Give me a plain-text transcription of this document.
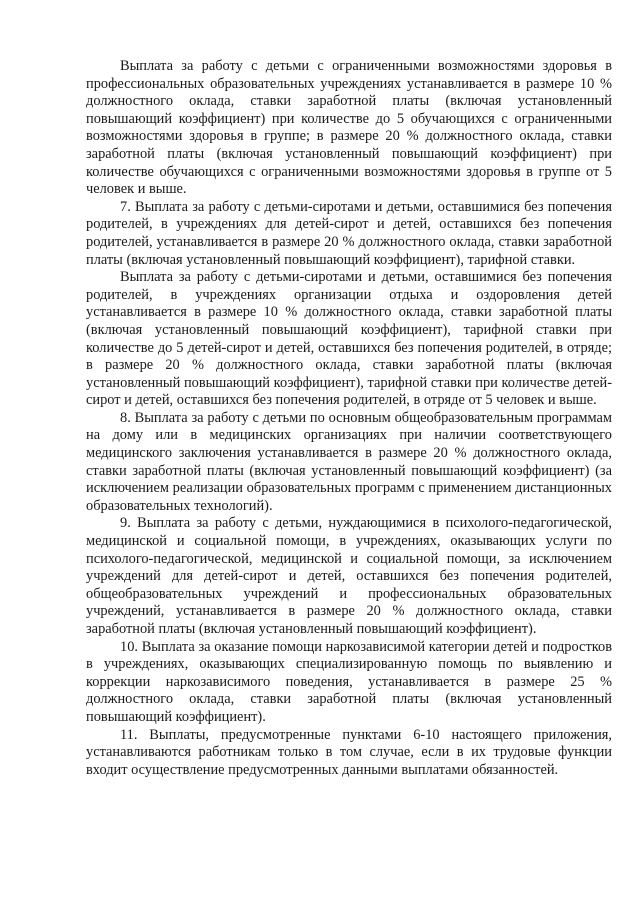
Выплата за работу с детьми с ограниченными возможностями здоровья в профессиональных образовательных учреждениях устанавливается в размере 10 % должностного оклада, ставки заработной платы (включая установленный повышающий коэффициент) при количестве до 5 обучающихся с ограниченными возможностями здоровья в группе; в размере 20 % должностного оклада, ставки заработной платы (включая установленный повышающий коэффициент) при количестве обучающихся с ограниченными возможностями здоровья в группе от 5 человек и выше.

7. Выплата за работу с детьми-сиротами и детьми, оставшимися без попечения родителей, в учреждениях для детей-сирот и детей, оставшихся без попечения родителей, устанавливается в размере 20 % должностного оклада, ставки заработной платы (включая установленный повышающий коэффициент), тарифной ставки.

Выплата за работу с детьми-сиротами и детьми, оставшимися без попечения родителей, в учреждениях организации отдыха и оздоровления детей устанавливается в размере 10 % должностного оклада, ставки заработной платы (включая установленный повышающий коэффициент), тарифной ставки при количестве до 5 детей-сирот и детей, оставшихся без попечения родителей, в отряде; в размере 20 % должностного оклада, ставки заработной платы (включая установленный повышающий коэффициент), тарифной ставки при количестве детей-сирот и детей, оставшихся без попечения родителей, в отряде от 5 человек и выше.

8. Выплата за работу с детьми по основным общеобразовательным программам на дому или в медицинских организациях при наличии соответствующего медицинского заключения устанавливается в размере 20 % должностного оклада, ставки заработной платы (включая установленный повышающий коэффициент) (за исключением реализации образовательных программ с применением дистанционных образовательных технологий).

9. Выплата за работу с детьми, нуждающимися в психолого-педагогической, медицинской и социальной помощи, в учреждениях, оказывающих услуги по психолого-педагогической, медицинской и социальной помощи, за исключением учреждений для детей-сирот и детей, оставшихся без попечения родителей, общеобразовательных учреждений и профессиональных образовательных учреждений, устанавливается в размере 20 % должностного оклада, ставки заработной платы (включая установленный повышающий коэффициент).

10. Выплата за оказание помощи наркозависимой категории детей и подростков в учреждениях, оказывающих специализированную помощь по выявлению и коррекции наркозависимого поведения, устанавливается в размере 25 % должностного оклада, ставки заработной платы (включая установленный повышающий коэффициент).

11. Выплаты, предусмотренные пунктами 6-10 настоящего приложения, устанавливаются работникам только в том случае, если в их трудовые функции входит осуществление предусмотренных данными выплатами обязанностей.
